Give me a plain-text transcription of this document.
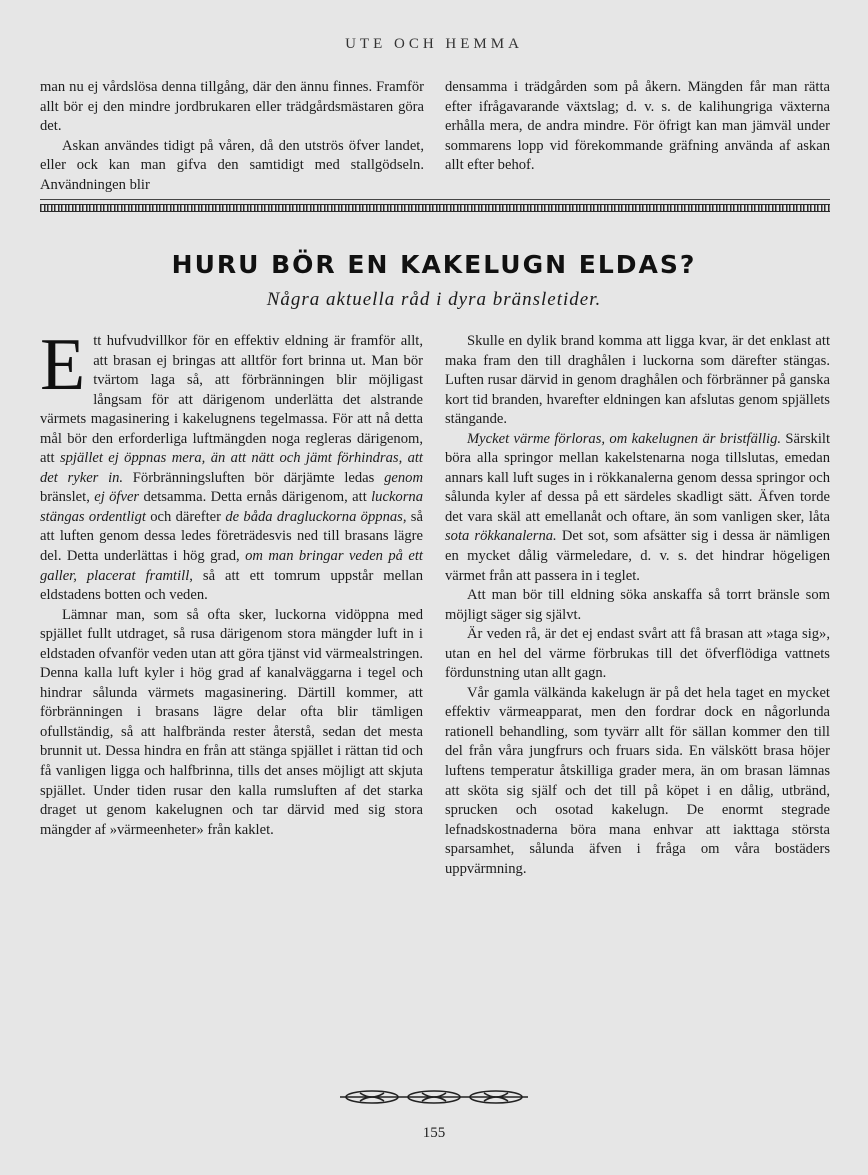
UTE OCH HEMMA

man nu ej vårdslösa denna tillgång, där den ännu finnes. Framför allt bör ej den mindre jordbrukaren eller trädgårdsmästaren göra det.

Askan användes tidigt på våren, då den utströs öfver landet, eller ock kan man gifva den samtidigt med stallgödseln. Användningen blir

densamma i trädgården som på åkern. Mängden får man rätta efter ifrågavarande växtslag; d. v. s. de kalihungriga växterna erhålla mera, de andra mindre. För öfrigt kan man jämväl under sommarens lopp vid förekommande gräfning använda af askan allt efter behof.

HURU BÖR EN KAKELUGN ELDAS?
Några aktuella råd i dyra bränsletider.

Ett hufvudvillkor för en effektiv eldning är framför allt, att brasan ej bringas att alltför fort brinna ut. Man bör tvärtom laga så, att förbränningen blir möjligast långsam för att därigenom underlätta det alstrande värmets magasinering i kakelugnens tegelmassa. För att nå detta mål bör den erforderliga luftmängden noga regleras därigenom, att spjället ej öppnas mera, än att nätt och jämt förhindras, att det ryker in. Förbränningsluften bör därjämte ledas genom bränslet, ej öfver detsamma. Detta ernås därigenom, att luckorna stängas ordentligt och därefter de båda dragluckorna öppnas, så att luften genom dessa ledes företrädesvis ned till brasans lägre del. Detta underlättas i hög grad, om man bringar veden på ett galler, placerat framtill, så att ett tomrum uppstår mellan eldstadens botten och veden.

Lämnar man, som så ofta sker, luckorna vidöppna med spjället fullt utdraget, så rusa därigenom stora mängder luft in i eldstaden ofvanför veden utan att göra tjänst vid värmealstringen. Denna kalla luft kyler i hög grad af kanalväggarna i tegel och hindrar sålunda värmets magasinering. Därtill kommer, att förbränningen i brasans lägre delar ofta blir tämligen ofullständig, så att halfbrända rester återstå, sedan det mesta brunnit ut. Dessa hindra en från att stänga spjället i rättan tid och få vanligen ligga och halfbrinna, tills det anses möjligt att skjuta spjället. Under tiden rusar den kalla rumsluften af det starka draget ut genom kakelugnen och tar därvid med sig stora mängder af »värmeenheter» från kaklet.

Skulle en dylik brand komma att ligga kvar, är det enklast att maka fram den till draghålen i luckorna som därefter stängas. Luften rusar därvid in genom draghålen och förbränner på ganska kort tid branden, hvarefter eldningen kan afslutas genom spjällets stängande.

Mycket värme förloras, om kakelugnen är bristfällig. Särskilt böra alla springor mellan kakelstenarna noga tillslutas, emedan annars kall luft suges in i rökkanalerna genom dessa springor och sålunda kyler af dessa på ett särdeles skadligt sätt. Äfven torde det vara skäl att emellanåt och oftare, än som vanligen sker, låta sota rökkanalerna. Det sot, som afsätter sig i dessa är nämligen en mycket dålig värmeledare, d. v. s. det hindrar högeligen värmet från att passera in i teglet.

Att man bör till eldning söka anskaffa så torrt bränsle som möjligt säger sig självt.

Är veden rå, är det ej endast svårt att få brasan att »taga sig», utan en hel del värme förbrukas till det öfverflödiga vattnets fördunstning utan allt gagn.

Vår gamla välkända kakelugn är på det hela taget en mycket effektiv värmeapparat, men den fordrar dock en någorlunda rationell behandling, som tyvärr allt för sällan kommer den till del från våra jungfrurs och fruars sida. En välskött brasa höjer luftens temperatur åtskilliga grader mera, än om brasan lämnas att sköta sig själf och det till på köpet i en dålig, utbränd, sprucken och osotad kakelugn. De enormt stegrade lefnadskostnaderna böra mana enhvar att iakttaga största sparsamhet, sålunda äfven i fråga om våra bostäders uppvärmning.

155
